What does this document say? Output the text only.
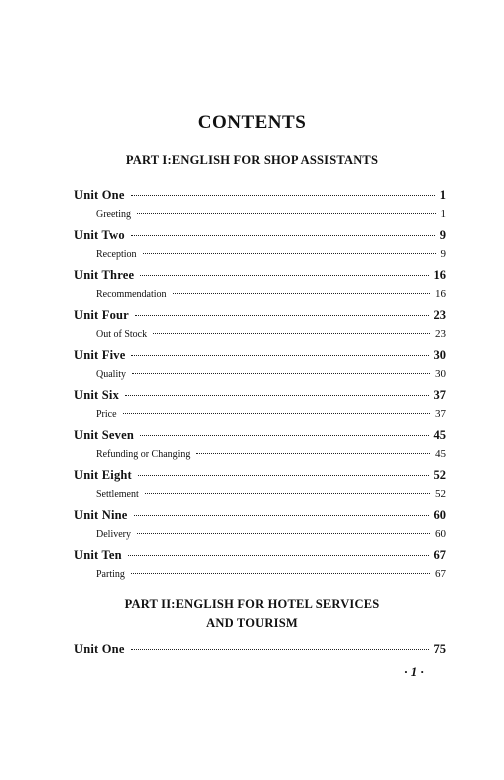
CONTENTS
PART I:ENGLISH FOR SHOP ASSISTANTS
Unit One	1
Greeting	1
Unit Two	9
Reception	9
Unit Three	16
Recommendation	16
Unit Four	23
Out of Stock	23
Unit Five	30
Quality	30
Unit Six	37
Price	37
Unit Seven	45
Refunding or Changing	45
Unit Eight	52
Settlement	52
Unit Nine	60
Delivery	60
Unit Ten	67
Parting	67
PART II:ENGLISH FOR HOTEL SERVICES
AND TOURISM
Unit One	75
· 1 ·
